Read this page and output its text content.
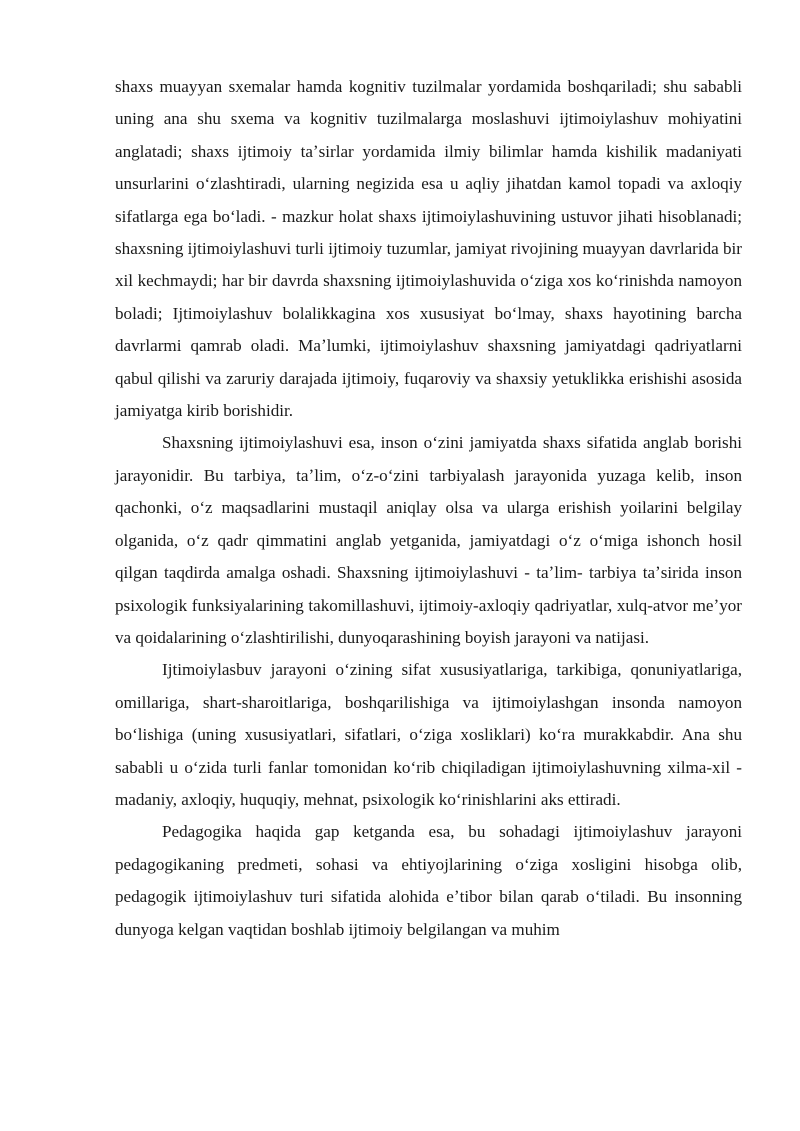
shaxs muayyan sxemalar hamda kognitiv tuzilmalar yordamida boshqariladi; shu sababli uning ana shu sxema va kognitiv tuzilmalarga moslashuvi ijtimoiylashuv mohiyatini anglatadi; shaxs ijtimoiy taʼsirlar yordamida ilmiy bilimlar hamda kishilik madaniyati unsurlarini oʻzlashtiradi, ularning negizida esa u aqliy jihatdan kamol topadi va axloqiy sifatlarga ega boʻladi. - mazkur holat shaxs ijtimoiylashuvining ustuvor jihati hisoblanadi; shaxsning ijtimoiylashuvi turli ijtimoiy tuzumlar, jamiyat rivojining muayyan davrlarida bir xil kechmaydi; har bir davrda shaxsning ijtimoiylashuvida oʻziga xos koʻrinishda namoyon boladi; Ijtimoiylashuv bolalikkagina xos xususiyat boʻlmay, shaxs hayotining barcha davrlarmi qamrab oladi. Maʼlumki, ijtimoiylashuv shaxsning jamiyatdagi qadriyatlarni qabul qilishi va zaruriy darajada ijtimoiy, fuqaroviy va shaxsiy yetuklikka erishishi asosida jamiyatga kirib borishidir.

Shaxsning ijtimoiylashuvi esa, inson oʻzini jamiyatda shaxs sifatida anglab borishi jarayonidir. Bu tarbiya, taʼlim, oʻz-oʻzini tarbiyalash jarayonida yuzaga kelib, inson qachonki, oʻz maqsadlarini mustaqil aniqlay olsa va ularga erishish yoilarini belgilay olganida, oʻz qadr qimmatini anglab yetganida, jamiyatdagi oʻz oʻmiga ishonch hosil qilgan taqdirda amalga oshadi. Shaxsning ijtimoiylashuvi - taʼlim- tarbiya taʼsirida inson psixologik funksiyalarining takomillashuvi, ijtimoiy-axloqiy qadriyatlar, xulq-atvor meʼyor va qoidalarining oʻzlashtirilishi, dunyoqarashining boyish jarayoni va natijasi.

Ijtimoiylasbuv jarayoni oʻzining sifat xususiyatlariga, tarkibiga, qonuniyatlariga, omillariga, shart-sharoitlariga, boshqarilishiga va ijtimoiylashgan insonda namoyon boʻlishiga (uning xususiyatlari, sifatlari, oʻziga xosliklari) koʻra murakkabdir. Ana shu sababli u oʻzida turli fanlar tomonidan koʻrib chiqiladigan ijtimoiylashuvning xilma-xil - madaniy, axloqiy, huquqiy, mehnat, psixologik koʻrinishlarini aks ettiradi.

Pedagogika haqida gap ketganda esa, bu sohadagi ijtimoiylashuv jarayoni pedagogikaning predmeti, sohasi va ehtiyojlarining oʻziga xosligini hisobga olib, pedagogik ijtimoiylashuv turi sifatida alohida eʼtibor bilan qarab oʻtiladi. Bu insonning dunyoga kelgan vaqtidan boshlab ijtimoiy belgilangan va muhim
